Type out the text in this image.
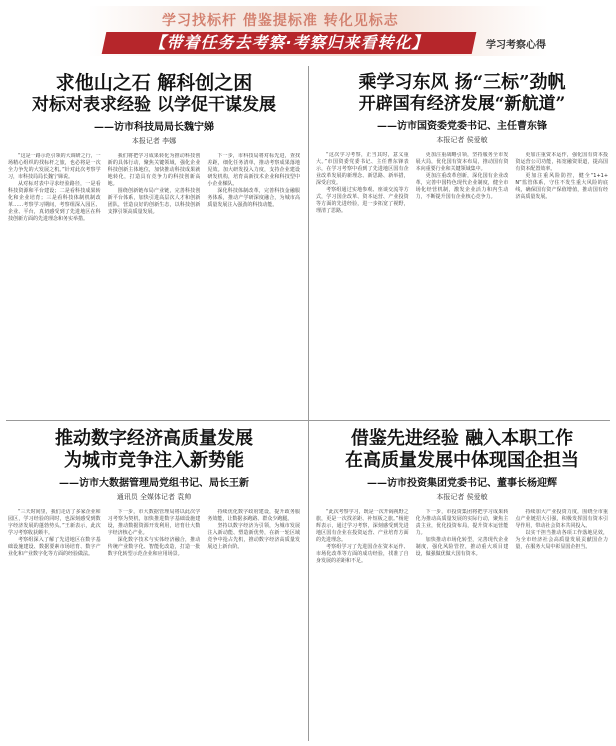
学习找标杆 借鉴提标准 转化见标志
【带着任务去考察·考察归来看转化】	学习考察心得
求他山之石 解科创之困
对标对表求经验 以学促干谋发展
——访市科技局局长魏宁娣
本报记者 李娜

“这是一路示范引领的大调研之行，一场精心组织的找标杆之旅，也必将是一次全力争先的大发展之机。”针对此次考察学习，市科技局局长魏宁娣说。

从对标对表中寻求经验路径，一是看科技资源和平台建设；二是看科技成果转化和企业培育；三是看科技体制机制改革……考察学习期间，考察组深入园区、企业、平台，真切感受到了先进地区在科技创新方面的先进理念和务实举措。

我们将把学习成果转化为推动科技创新的具体行动，聚焦关键领域，强化企业科技创新主体地位，加快推动科技成果就地转化，打造具有竞争力的科技创新高地。

围绕创新链布局产业链，完善科技创新平台体系，加快引进高层次人才和创新团队，营造良好的创新生态，以科技创新支撑引领高质量发展。

下一步，市科技局将对标先进，查找差距，细化任务清单，推动考察成果落地见效。加大研发投入力度，支持企业建设研发机构，培育高新技术企业和科技型中小企业梯队。

深化科技体制改革，完善科技金融服务体系，推动产学研深度融合，为城市高质量发展注入强劲的科技动能。

乘学习东风 扬“三标”劲帆
开辟国有经济发展“新航道”
——访市国资委党委书记、主任曹东锋
本报记者 侯爱敏

“这次学习考察，正当其时，意义重大。”市国资委党委书记、主任曹东锋表示，在学习考察中看到了先进地区国有企业改革发展的新理念、新思路、新举措，深受启发。

考察组通过实地参观、座谈交流等方式，学习国企改革、资本运营、产业投资等方面的先进经验，进一步拓宽了视野，理清了思路。

更加注重战略引领，坚持服务全市发展大局，优化国有资本布局，推动国有资本向重要行业和关键领域集中。

更加注重改革创新，深化国有企业改革，完善中国特色现代企业制度，健全市场化经营机制，激发企业活力和内生动力，不断提升国有企业核心竞争力。

更加注重资本运作，强化国有资本投资运营公司功能，拓宽融资渠道，提高国有资本配置效率。

更加注重风险防控，健全“1+1+N”监管体系，守住不发生重大风险的底线，确保国有资产保值增值，推动国有经济高质量发展。

推动数字经济高质量发展
为城市竞争注入新势能
——访市大数据管理局党组书记、局长王新
通讯员 全媒体记者 袁帅

“三天时间里，我们走访了多家企业和园区，学习经验的同时，也深刻感受到数字经济发展的蓬勃势头。”王新表示，此次学习考察收获颇丰。

考察组深入了解了先进地区在数字基础设施建设、数据要素市场培育、数字产业化和产业数字化等方面的经验做法。

下一步，市大数据管理局将以此次学习考察为契机，加快推进数字基础设施建设，推动数据资源开发利用，培育壮大数字经济核心产业。

深化数字技术与实体经济融合，推动传统产业数字化、智能化改造，打造一批数字化转型示范企业和应用场景。

持续优化数字政府建设，提升政务服务效能，让数据多跑路、群众少跑腿。

坚持以数字经济为引领，为城市发展注入新动能、塑造新优势，在新一轮区域竞争中抢占先机，推动数字经济高质量发展迈上新台阶。

借鉴先进经验 融入本职工作
在高质量发展中体现国企担当
——访市投资集团党委书记、董事长杨迎辉
本报记者 侯爱敏

“此次考察学习，既是一次开阔视野之旅，更是一次找差距、补短板之旅。”杨迎辉表示，通过学习考察，深刻感受到先进地区国有企业在投资运营、产业培育方面的先进理念。

考察组学习了先进国企在资本运作、市场化改革等方面的成功经验，找准了自身发展的差距和不足。

下一步，市投资集团将把学习成果转化为推动高质量发展的实际行动，聚焦主责主业，优化投资布局，提升资本运营能力。

加快推动市场化转型，完善现代企业制度，强化风险管控，推动重大项目建设，做强做优做大国有资本。

持续加大产业投资力度，围绕全市重点产业链招大引强，积极发挥国有资本引导作用，带动社会资本共同投入。

以实干担当推动各项工作落地见效，为全市经济社会高质量发展贡献国企力量，在服务大局中彰显国企担当。
